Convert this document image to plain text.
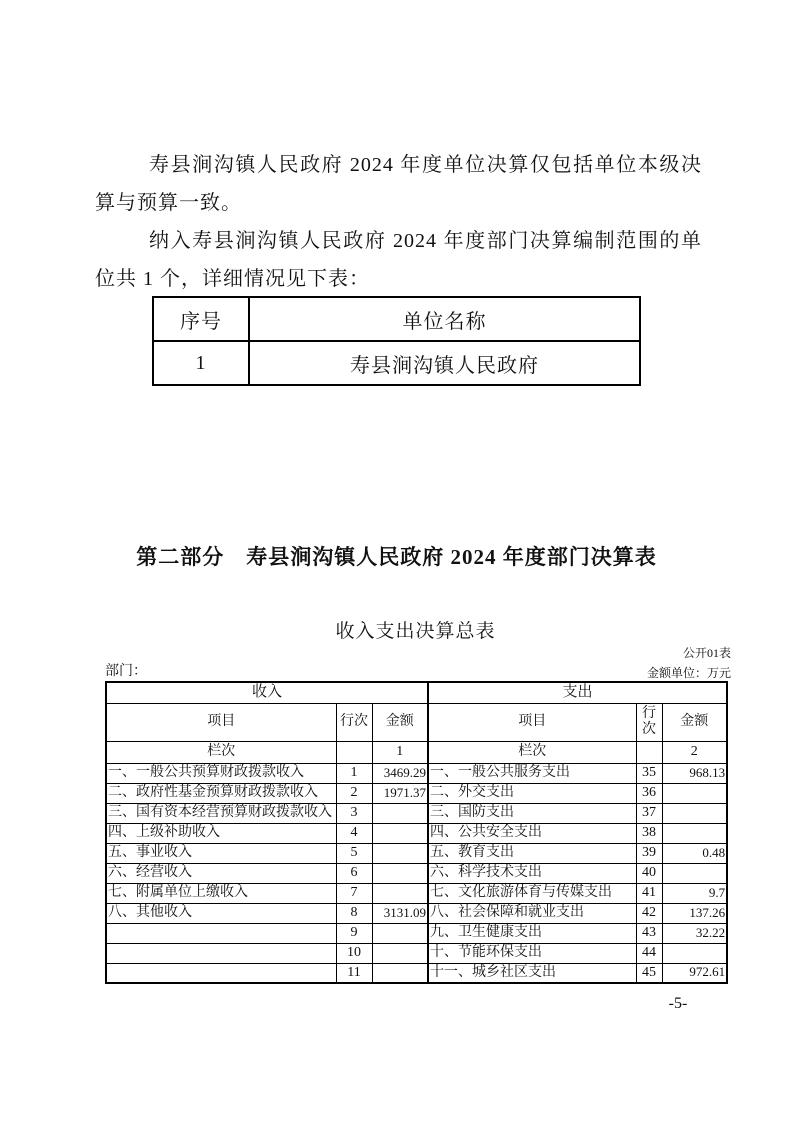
寿县涧沟镇人民政府 2024 年度单位决算仅包括单位本级决算与预算一致。

纳入寿县涧沟镇人民政府 2024 年度部门决算编制范围的单位共 1 个，详细情况见下表：

序号	单位名称
1	寿县涧沟镇人民政府
第二部分　寿县涧沟镇人民政府 2024 年度部门决算表
收入支出决算总表
公开01表
部门：	金额单位：万元
收入			支出		
项目	行次	金额	项目	行次	金额
栏次		1	栏次		2
一、一般公共预算财政拨款收入	1	3469.29	一、一般公共服务支出	35	968.13
二、政府性基金预算财政拨款收入	2	1971.37	二、外交支出	36	
三、国有资本经营预算财政拨款收入	3		三、国防支出	37	
四、上级补助收入	4		四、公共安全支出	38	
五、事业收入	5		五、教育支出	39	0.48
六、经营收入	6		六、科学技术支出	40	
七、附属单位上缴收入	7		七、文化旅游体育与传媒支出	41	9.7
八、其他收入	8	3131.09	八、社会保障和就业支出	42	137.26
	9		九、卫生健康支出	43	32.22
	10		十、节能环保支出	44	
	11		十一、城乡社区支出	45	972.61
-5-
